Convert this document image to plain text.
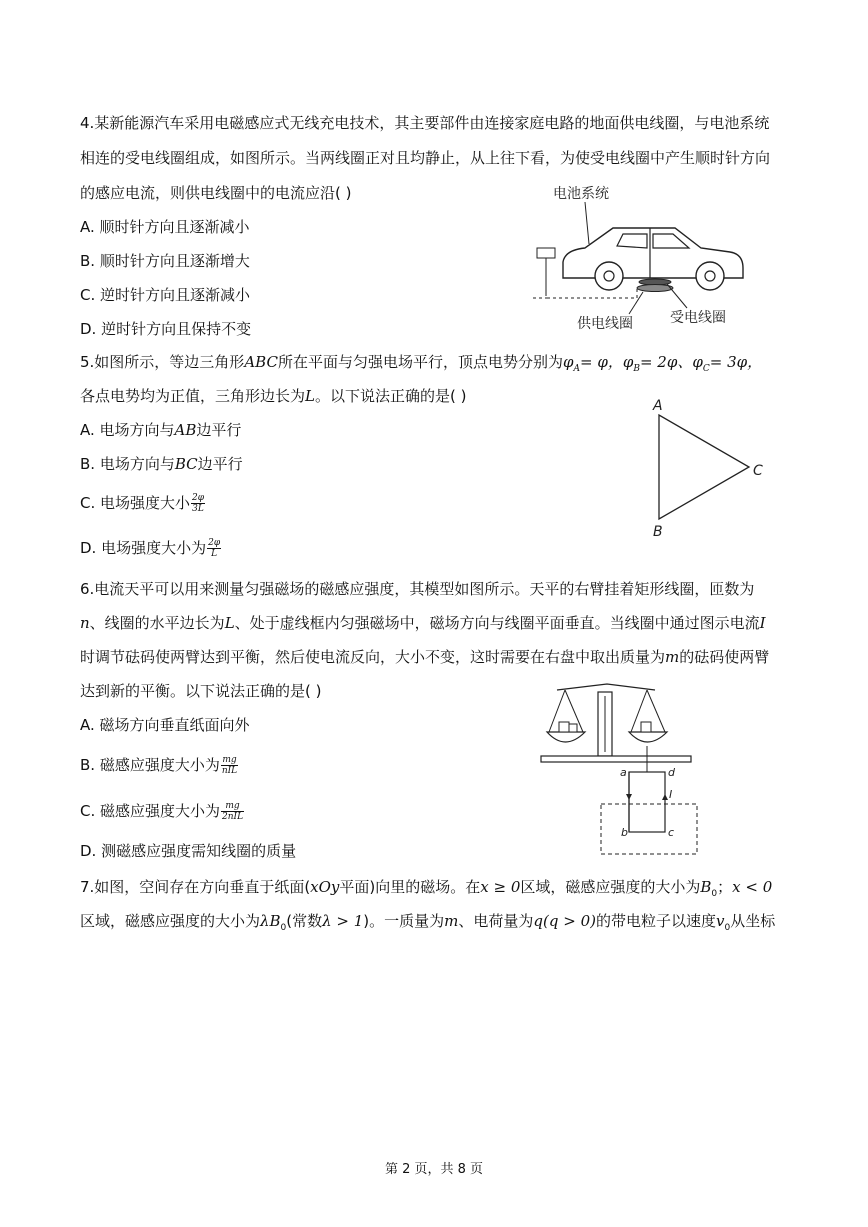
4.某新能源汽车采用电磁感应式无线充电技术，其主要部件由连接家庭电路的地面供电线圈，与电池系统
相连的受电线圈组成，如图所示。当两线圈正对且均静止，从上往下看，为使受电线圈中产生顺时针方向
的感应电流，则供电线圈中的电流应沿( )
A. 顺时针方向且逐渐减小
B. 顺时针方向且逐渐增大
C. 逆时针方向且逐渐减小
D. 逆时针方向且保持不变
电池系统
供电线圈	受电线圈
5.如图所示，等边三角形ABC所在平面与匀强电场平行，顶点电势分别为$\varphi_A= \varphi$，$\varphi_B= 2\varphi$、$\varphi_C= 3\varphi$，
各点电势均为正值，三角形边长为L。以下说法正确的是( )
A. 电场方向与AB边平行
B. 电场方向与BC边平行
C. 电场强度大小 $\frac{2\varphi}{3L}$
D. 电场强度大小为 $\frac{2\varphi}{L}$
A
B
C
6.电流天平可以用来测量匀强磁场的磁感应强度，其模型如图所示。天平的右臂挂着矩形线圈，匝数为
n、线圈的水平边长为L、处于虚线框内匀强磁场中，磁场方向与线圈平面垂直。当线圈中通过图示电流I
时调节砝码使两臂达到平衡，然后使电流反向，大小不变，这时需要在右盘中取出质量为m的砝码使两臂
达到新的平衡。以下说法正确的是( )
A. 磁场方向垂直纸面向外
B. 磁感应强度大小为 $\frac{mg}{\text{nIL}}$
C. 磁感应强度大小为 $\frac{mg}{\text{2nIL}}$
D. 测磁感应强度需知线圈的质量
a	d
b	c
I
7.如图，空间存在方向垂直于纸面(xOy平面)向里的磁场。在x ≥ 0区域，磁感应强度的大小为$B_0$；x < 0
区域，磁感应强度的大小为$\lambda B_0$(常数λ > 1)。一质量为m、电荷量为q(q > 0)的带电粒子以速度$v_0$从坐标
第 2 页，共 8 页
